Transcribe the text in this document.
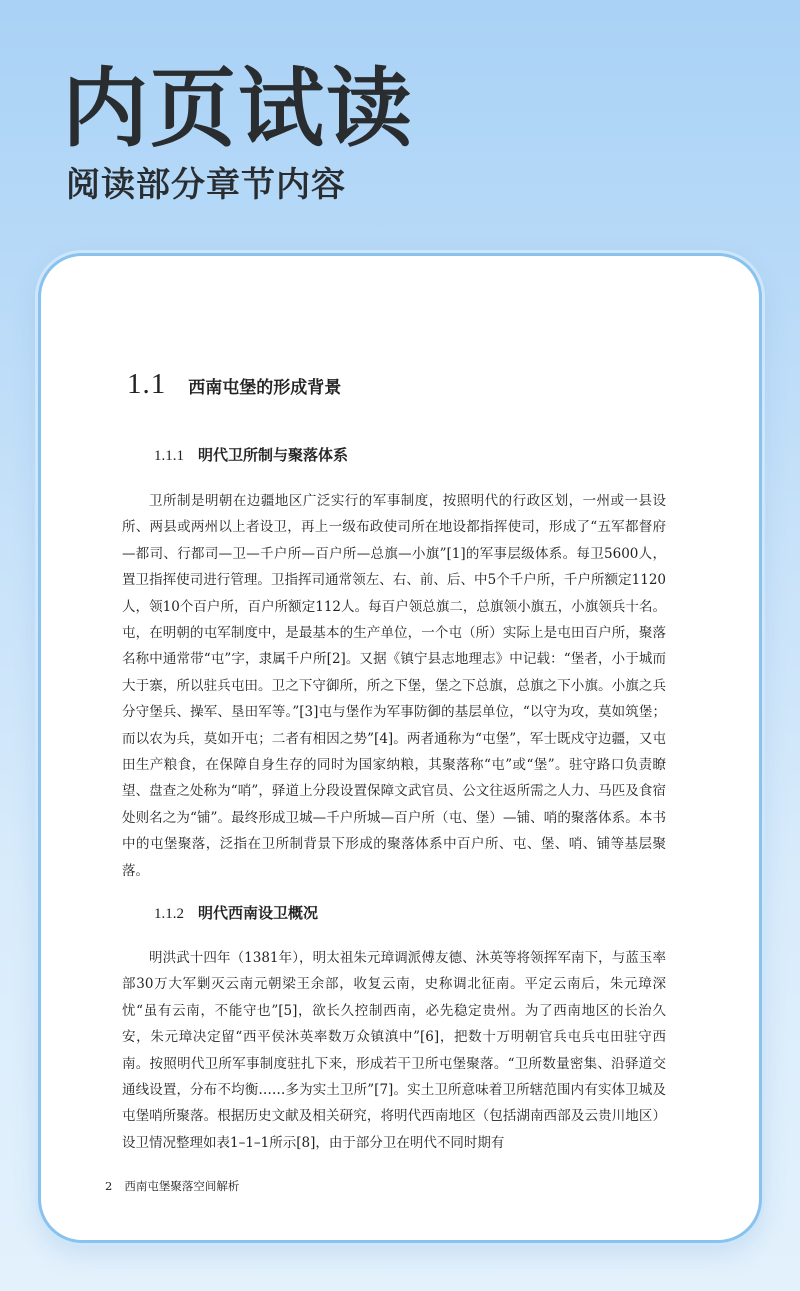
内页试读
阅读部分章节内容
1.1 西南屯堡的形成背景
1.1.1 明代卫所制与聚落体系

卫所制是明朝在边疆地区广泛实行的军事制度，按照明代的行政区划，一州或一县设所、两县或两州以上者设卫，再上一级布政使司所在地设都指挥使司，形成了“五军都督府—都司、行都司—卫—千户所—百户所—总旗—小旗”[1]的军事层级体系。每卫5600人，置卫指挥使司进行管理。卫指挥司通常领左、右、前、后、中5个千户所，千户所额定1120人，领10个百户所，百户所额定112人。每百户领总旗二，总旗领小旗五，小旗领兵十名。屯，在明朝的屯军制度中，是最基本的生产单位，一个屯（所）实际上是屯田百户所，聚落名称中通常带“屯”字，隶属千户所[2]。又据《镇宁县志地理志》中记载：“堡者，小于城而大于寨，所以驻兵屯田。卫之下守御所，所之下堡，堡之下总旗，总旗之下小旗。小旗之兵分守堡兵、操军、垦田军等。”[3]屯与堡作为军事防御的基层单位，“以守为攻，莫如筑堡；而以农为兵，莫如开屯；二者有相因之势”[4]。两者通称为“屯堡”，军士既戍守边疆，又屯田生产粮食，在保障自身生存的同时为国家纳粮，其聚落称“屯”或“堡”。驻守路口负责瞭望、盘查之处称为“哨”，驿道上分段设置保障文武官员、公文往返所需之人力、马匹及食宿处则名之为“铺”。最终形成卫城—千户所城—百户所（屯、堡）—铺、哨的聚落体系。本书中的屯堡聚落，泛指在卫所制背景下形成的聚落体系中百户所、屯、堡、哨、铺等基层聚落。

1.1.2 明代西南设卫概况

明洪武十四年（1381年），明太祖朱元璋调派傅友德、沐英等将领挥军南下，与蓝玉率部30万大军剿灭云南元朝梁王余部，收复云南，史称调北征南。平定云南后，朱元璋深忧“虽有云南，不能守也”[5]，欲长久控制西南，必先稳定贵州。为了西南地区的长治久安，朱元璋决定留“西平侯沐英率数万众镇滇中”[6]，把数十万明朝官兵屯兵屯田驻守西南。按照明代卫所军事制度驻扎下来，形成若干卫所屯堡聚落。“卫所数量密集、沿驿道交通线设置，分布不均衡……多为实土卫所”[7]。实土卫所意味着卫所辖范围内有实体卫城及屯堡哨所聚落。根据历史文献及相关研究，将明代西南地区（包括湖南西部及云贵川地区）设卫情况整理如表1–1–1所示[8]，由于部分卫在明代不同时期有

2 西南屯堡聚落空间解析
